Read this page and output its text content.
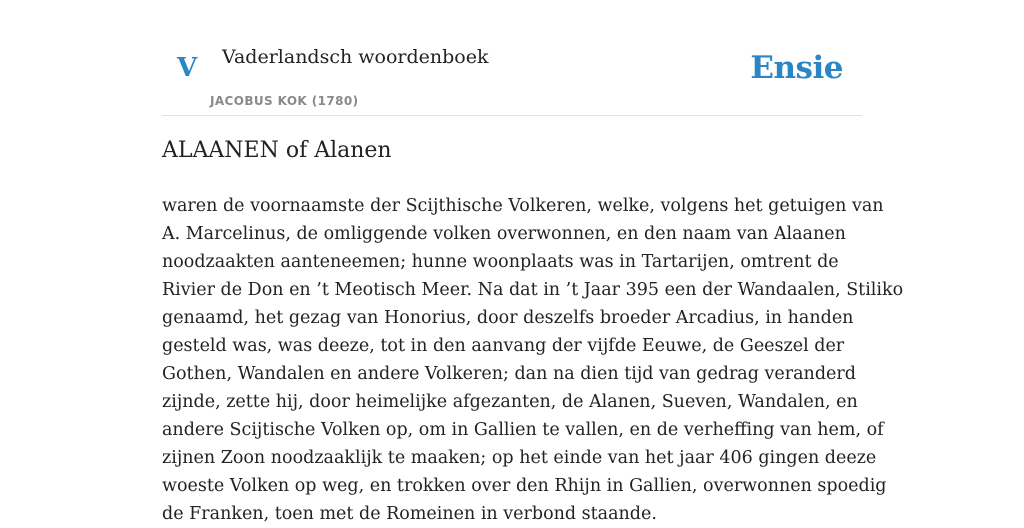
V Vaderlandsch woordenboek
JACOBUS KOK (1780)
Ensie
ALAANEN of Alanen

waren de voornaamste der Scijthische Volkeren, welke, volgens het getuigen van
A. Marcelinus, de omliggende volken overwonnen, en den naam van Alaanen
noodzaakten aanteneemen; hunne woonplaats was in Tartarijen, omtrent de
Rivier de Don en ’t Meotisch Meer. Na dat in ’t Jaar 395 een der Wandaalen, Stiliko
genaamd, het gezag van Honorius, door deszelfs broeder Arcadius, in handen
gesteld was, was deeze, tot in den aanvang der vijfde Eeuwe, de Geeszel der
Gothen, Wandalen en andere Volkeren; dan na dien tijd van gedrag veranderd
zijnde, zette hij, door heimelijke afgezanten, de Alanen, Sueven, Wandalen, en
andere Scijtische Volken op, om in Gallien te vallen, en de verheffing van hem, of
zijnen Zoon noodzaaklijk te maaken; op het einde van het jaar 406 gingen deeze
woeste Volken op weg, en trokken over den Rhijn in Gallien, overwonnen spoedig
de Franken, toen met de Romeinen in verbond staande.
